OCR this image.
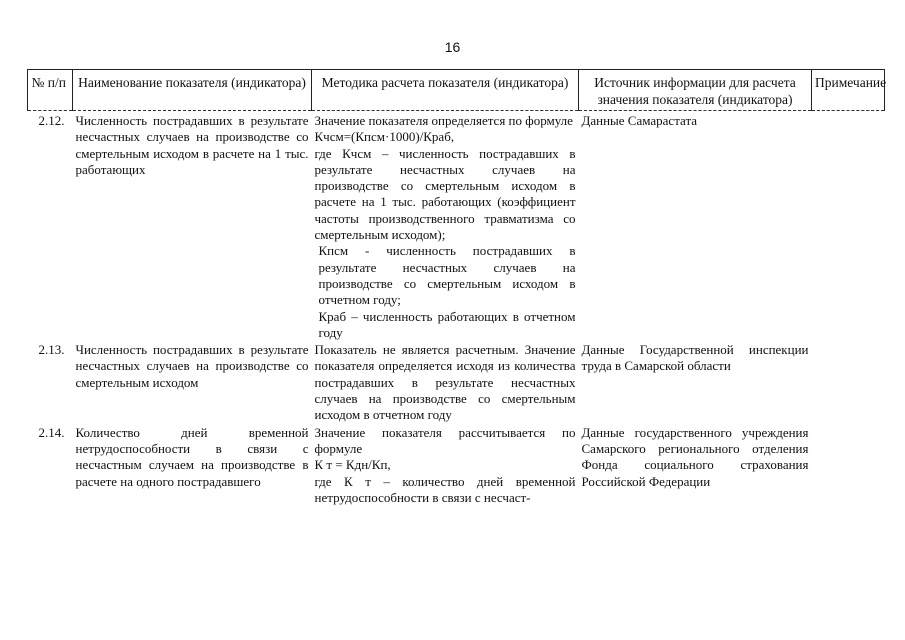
16
№ п/п	Наименование показателя (индикатора)	Методика расчета показателя (индикатора)	Источник информации для расчета значения показателя (индикатора)	Примечание
2.12.	Численность пострадавших в результате несчастных случаев на производстве со смертельным исходом в расчете на 1 тыс. работающих	Значение показателя определяется по формуле
Кчсм=(Кпсм·1000)/Краб,
где Кчсм – численность пострадавших в результате несчастных случаев на производстве со смертельным исходом в расчете на 1 тыс. работающих (коэффициент частоты производственного травматизма со смертельным исходом);
Кпсм - численность пострадавших в результате несчастных случаев на производстве со смертельным исходом в отчетном году;
Краб – численность работающих в отчетном году	Данные Самарастата	
2.13.	Численность пострадавших в результате несчастных случаев на производстве со смертельным исходом	Показатель не является расчетным. Значение показателя определяется исходя из количества пострадавших в результате несчастных случаев на производстве со смертельным исходом в отчетном году	Данные Государственной инспекции труда в Самарской области	
2.14.	Количество дней временной нетрудоспособности в связи с несчастным случаем на производстве в расчете на одного пострадавшего	Значение показателя рассчитывается по формуле
К т = Кдн/Кп,
где К т – количество дней временной нетрудоспособности в связи с несчаст-	Данные государственного учреждения Самарского регионального отделения Фонда социального страхования Российской Федерации	
